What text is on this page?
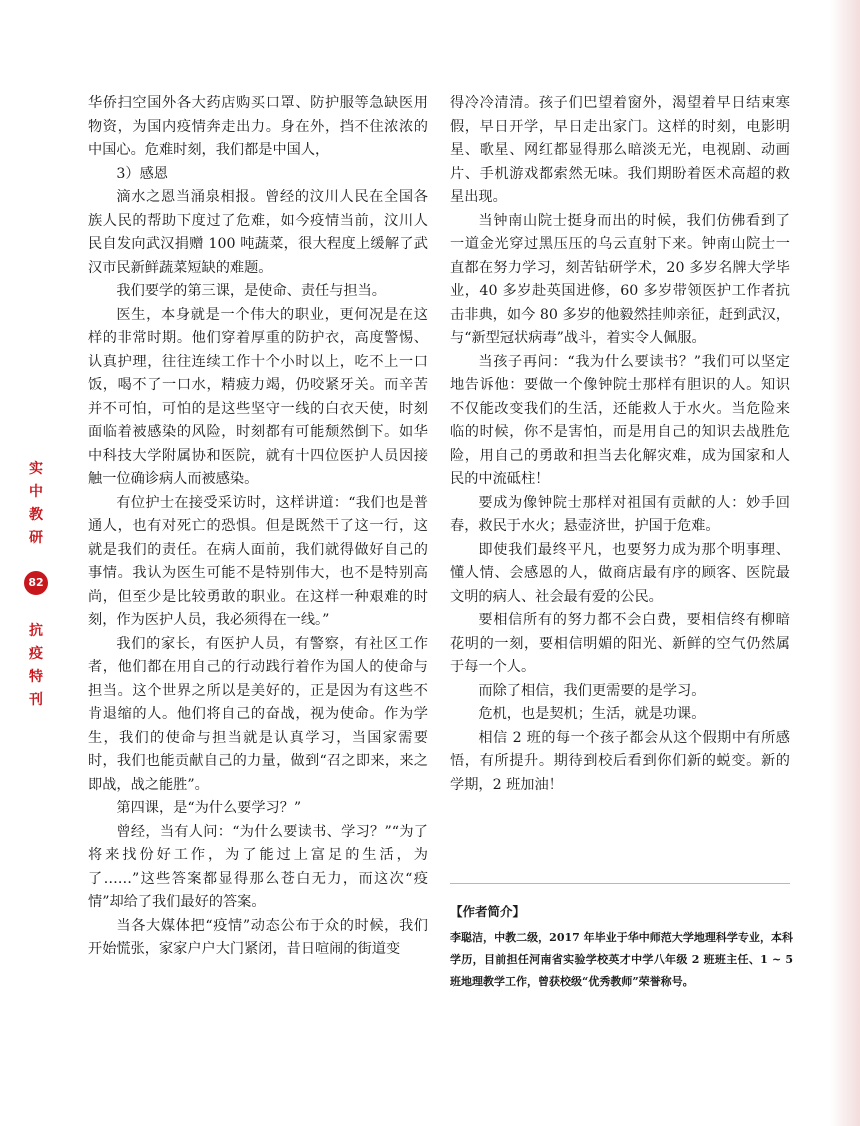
实
中
教
研
82
抗
疫
特
刊

华侨扫空国外各大药店购买口罩、防护服等急缺医用物资，为国内疫情奔走出力。身在外，挡不住浓浓的中国心。危难时刻，我们都是中国人，

3）感恩

滴水之恩当涌泉相报。曾经的汶川人民在全国各族人民的帮助下度过了危难，如今疫情当前，汶川人民自发向武汉捐赠 100 吨蔬菜，很大程度上缓解了武汉市民新鲜蔬菜短缺的难题。

我们要学的第三课，是使命、责任与担当。

医生，本身就是一个伟大的职业，更何况是在这样的非常时期。他们穿着厚重的防护衣，高度警惕、认真护理，往往连续工作十个小时以上，吃不上一口饭，喝不了一口水，精疲力竭，仍咬紧牙关。而辛苦并不可怕，可怕的是这些坚守一线的白衣天使，时刻面临着被感染的风险，时刻都有可能颓然倒下。如华中科技大学附属协和医院，就有十四位医护人员因接触一位确诊病人而被感染。

有位护士在接受采访时，这样讲道：“我们也是普通人，也有对死亡的恐惧。但是既然干了这一行，这就是我们的责任。在病人面前，我们就得做好自己的事情。我认为医生可能不是特别伟大，也不是特别高尚，但至少是比较勇敢的职业。在这样一种艰难的时刻，作为医护人员，我必须得在一线。”

我们的家长，有医护人员，有警察，有社区工作者，他们都在用自己的行动践行着作为国人的使命与担当。这个世界之所以是美好的，正是因为有这些不肯退缩的人。他们将自己的奋战，视为使命。作为学生，我们的使命与担当就是认真学习，当国家需要时，我们也能贡献自己的力量，做到“召之即来，来之即战，战之能胜”。

第四课，是“为什么要学习？”

曾经，当有人问：“为什么要读书、学习？”“为了将来找份好工作，为了能过上富足的生活，为了……”这些答案都显得那么苍白无力，而这次“疫情”却给了我们最好的答案。

当各大媒体把“疫情”动态公布于众的时候，我们开始慌张，家家户户大门紧闭，昔日喧闹的街道变

得冷冷清清。孩子们巴望着窗外，渴望着早日结束寒假，早日开学，早日走出家门。这样的时刻，电影明星、歌星、网红都显得那么暗淡无光，电视剧、动画片、手机游戏都索然无味。我们期盼着医术高超的救星出现。

当钟南山院士挺身而出的时候，我们仿佛看到了一道金光穿过黑压压的乌云直射下来。钟南山院士一直都在努力学习，刻苦钻研学术，20 多岁名牌大学毕业，40 多岁赴英国进修，60 多岁带领医护工作者抗击非典，如今 80 多岁的他毅然挂帅亲征，赶到武汉，与“新型冠状病毒”战斗，着实令人佩服。

当孩子再问：“我为什么要读书？”我们可以坚定地告诉他：要做一个像钟院士那样有胆识的人。知识不仅能改变我们的生活，还能救人于水火。当危险来临的时候，你不是害怕，而是用自己的知识去战胜危险，用自己的勇敢和担当去化解灾难，成为国家和人民的中流砥柱！

要成为像钟院士那样对祖国有贡献的人：妙手回春，救民于水火；悬壶济世，护国于危难。

即使我们最终平凡，也要努力成为那个明事理、懂人情、会感恩的人，做商店最有序的顾客、医院最文明的病人、社会最有爱的公民。

要相信所有的努力都不会白费，要相信终有柳暗花明的一刻，要相信明媚的阳光、新鲜的空气仍然属于每一个人。

而除了相信，我们更需要的是学习。

危机，也是契机；生活，就是功课。

相信 2 班的每一个孩子都会从这个假期中有所感悟，有所提升。期待到校后看到你们新的蜕变。新的学期，2 班加油！

【作者简介】
李聪洁，中教二级，2017 年毕业于华中师范大学地理科学专业，本科学历，目前担任河南省实验学校英才中学八年级 2 班班主任、1 ~ 5 班地理教学工作，曾获校级“优秀教师”荣誉称号。
